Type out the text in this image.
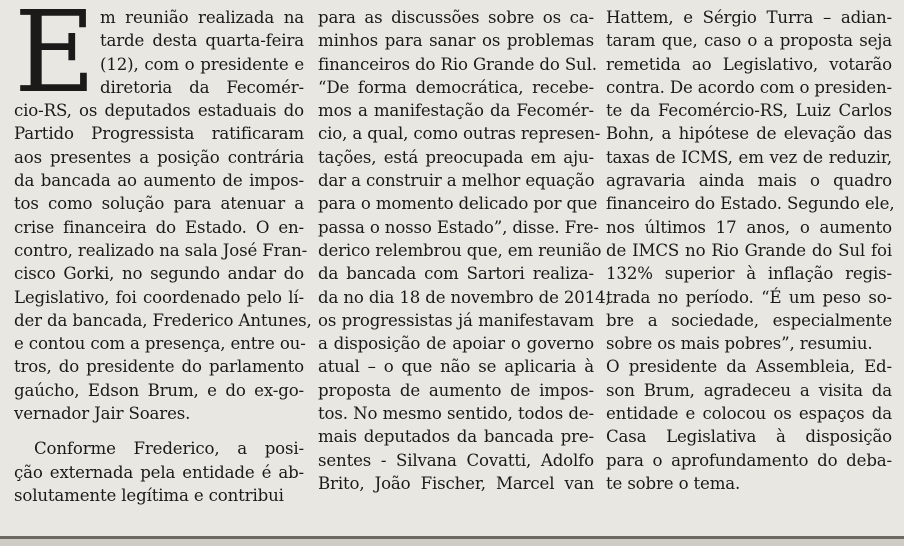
E m reunião realizada na
tarde desta quarta-feira
(12), com o presidente e
diretoria da Fecomér-
cio-RS, os deputados estaduais do
Partido Progressista ratificaram
aos presentes a posição contrária
da bancada ao aumento de impos-
tos como solução para atenuar a
crise financeira do Estado. O en-
contro, realizado na sala José Fran-
cisco Gorki, no segundo andar do
Legislativo, foi coordenado pelo lí-
der da bancada, Frederico Antunes,
e contou com a presença, entre ou-
tros, do presidente do parlamento
gaúcho, Edson Brum, e do ex-go-
vernador Jair Soares.
Conforme Frederico, a posi-
ção externada pela entidade é ab-
solutamente legítima e contribui
para as discussões sobre os ca-
minhos para sanar os problemas
financeiros do Rio Grande do Sul.
“De forma democrática, recebe-
mos a manifestação da Fecomér-
cio, a qual, como outras represen-
tações, está preocupada em aju-
dar a construir a melhor equação
para o momento delicado por que
passa o nosso Estado”, disse. Fre-
derico relembrou que, em reunião
da bancada com Sartori realiza-
da no dia 18 de novembro de 2014,
os progressistas já manifestavam
a disposição de apoiar o governo
atual – o que não se aplicaria à
proposta de aumento de impos-
tos. No mesmo sentido, todos de-
mais deputados da bancada pre-
sentes - Silvana Covatti, Adolfo
Brito, João Fischer, Marcel van
Hattem, e Sérgio Turra – adian-
taram que, caso o a proposta seja
remetida ao Legislativo, votarão
contra. De acordo com o presiden-
te da Fecomércio-RS, Luiz Carlos
Bohn, a hipótese de elevação das
taxas de ICMS, em vez de reduzir,
agravaria ainda mais o quadro
financeiro do Estado. Segundo ele,
nos últimos 17 anos, o aumento
de IMCS no Rio Grande do Sul foi
132% superior à inflação regis-
trada no período. “É um peso so-
bre a sociedade, especialmente
sobre os mais pobres”, resumiu.
O presidente da Assembleia, Ed-
son Brum, agradeceu a visita da
entidade e colocou os espaços da
Casa Legislativa à disposição
para o aprofundamento do deba-
te sobre o tema.
